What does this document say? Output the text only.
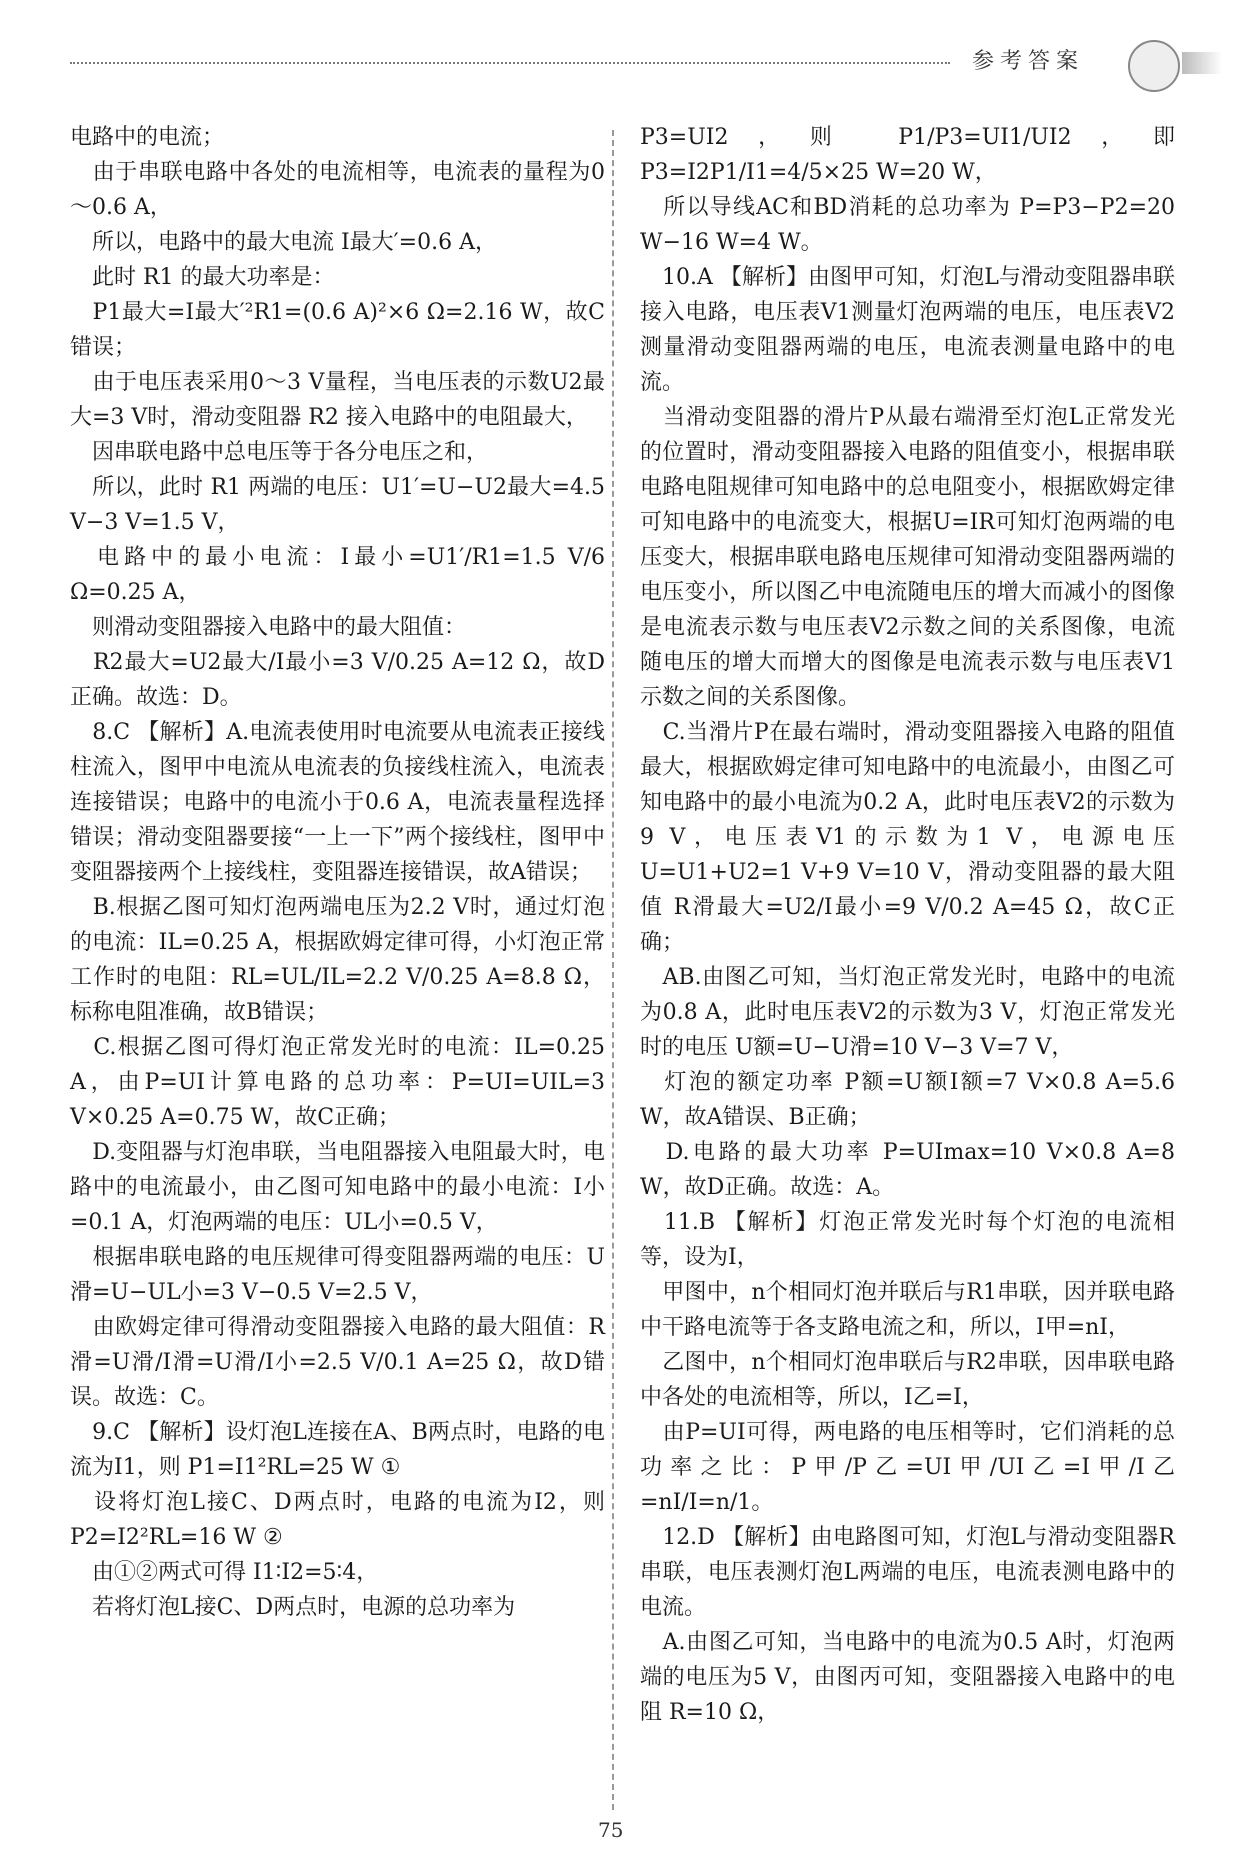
参考答案

电路中的电流；

　由于串联电路中各处的电流相等，电流表的量程为0～0.6 A，

　所以，电路中的最大电流 I最大′=0.6 A，

　此时 R1 的最大功率是：

　P1最大=I最大′²R1=(0.6 A)²×6 Ω=2.16 W，故C错误；

　由于电压表采用0～3 V量程，当电压表的示数U2最大=3 V时，滑动变阻器 R2 接入电路中的电阻最大，

　因串联电路中总电压等于各分电压之和，

　所以，此时 R1 两端的电压：U1′=U−U2最大=4.5 V−3 V=1.5 V，

　电路中的最小电流：I最小=U1′/R1=1.5 V/6 Ω=0.25 A，

　则滑动变阻器接入电路中的最大阻值：

　R2最大=U2最大/I最小=3 V/0.25 A=12 Ω，故D正确。故选：D。

　8.C 【解析】A.电流表使用时电流要从电流表正接线柱流入，图甲中电流从电流表的负接线柱流入，电流表连接错误；电路中的电流小于0.6 A，电流表量程选择错误；滑动变阻器要接“一上一下”两个接线柱，图甲中变阻器接两个上接线柱，变阻器连接错误，故A错误；

　B.根据乙图可知灯泡两端电压为2.2 V时，通过灯泡的电流：IL=0.25 A，根据欧姆定律可得，小灯泡正常工作时的电阻：RL=UL/IL=2.2 V/0.25 A=8.8 Ω，标称电阻准确，故B错误；

　C.根据乙图可得灯泡正常发光时的电流：IL=0.25 A，由P=UI计算电路的总功率：P=UI=UIL=3 V×0.25 A=0.75 W，故C正确；

　D.变阻器与灯泡串联，当电阻器接入电阻最大时，电路中的电流最小，由乙图可知电路中的最小电流：I小=0.1 A，灯泡两端的电压：UL小=0.5 V，

　根据串联电路的电压规律可得变阻器两端的电压：U滑=U−UL小=3 V−0.5 V=2.5 V，

　由欧姆定律可得滑动变阻器接入电路的最大阻值：R滑=U滑/I滑=U滑/I小=2.5 V/0.1 A=25 Ω，故D错误。故选：C。

　9.C 【解析】设灯泡L连接在A、B两点时，电路的电流为I1，则 P1=I1²RL=25 W ①

　设将灯泡L接C、D两点时，电路的电流为I2，则 P2=I2²RL=16 W ②

　由①②两式可得 I1∶I2=5∶4，

　若将灯泡L接C、D两点时，电源的总功率为

P3=UI2，则 P1/P3=UI1/UI2，即 P3=I2P1/I1=4/5×25 W=20 W，

　所以导线AC和BD消耗的总功率为 P=P3−P2=20 W−16 W=4 W。

　10.A 【解析】由图甲可知，灯泡L与滑动变阻器串联接入电路，电压表V1测量灯泡两端的电压，电压表V2测量滑动变阻器两端的电压，电流表测量电路中的电流。

　当滑动变阻器的滑片P从最右端滑至灯泡L正常发光的位置时，滑动变阻器接入电路的阻值变小，根据串联电路电阻规律可知电路中的总电阻变小，根据欧姆定律可知电路中的电流变大，根据U=IR可知灯泡两端的电压变大，根据串联电路电压规律可知滑动变阻器两端的电压变小，所以图乙中电流随电压的增大而减小的图像是电流表示数与电压表V2示数之间的关系图像，电流随电压的增大而增大的图像是电流表示数与电压表V1示数之间的关系图像。

　C.当滑片P在最右端时，滑动变阻器接入电路的阻值最大，根据欧姆定律可知电路中的电流最小，由图乙可知电路中的最小电流为0.2 A，此时电压表V2的示数为9 V，电压表V1的示数为1 V，电源电压 U=U1+U2=1 V+9 V=10 V，滑动变阻器的最大阻值 R滑最大=U2/I最小=9 V/0.2 A=45 Ω，故C正确；

　AB.由图乙可知，当灯泡正常发光时，电路中的电流为0.8 A，此时电压表V2的示数为3 V，灯泡正常发光时的电压 U额=U−U滑=10 V−3 V=7 V，

　灯泡的额定功率 P额=U额I额=7 V×0.8 A=5.6 W，故A错误、B正确；

　D.电路的最大功率 P=UImax=10 V×0.8 A=8 W，故D正确。故选：A。

　11.B 【解析】灯泡正常发光时每个灯泡的电流相等，设为I，

　甲图中，n个相同灯泡并联后与R1串联，因并联电路中干路电流等于各支路电流之和，所以，I甲=nI，

　乙图中，n个相同灯泡串联后与R2串联，因串联电路中各处的电流相等，所以，I乙=I，

　由P=UI可得，两电路的电压相等时，它们消耗的总功率之比：P甲/P乙=UI甲/UI乙=I甲/I乙=nI/I=n/1。

　12.D 【解析】由电路图可知，灯泡L与滑动变阻器R串联，电压表测灯泡L两端的电压，电流表测电路中的电流。

　A.由图乙可知，当电路中的电流为0.5 A时，灯泡两端的电压为5 V，由图丙可知，变阻器接入电路中的电阻 R=10 Ω，

75
